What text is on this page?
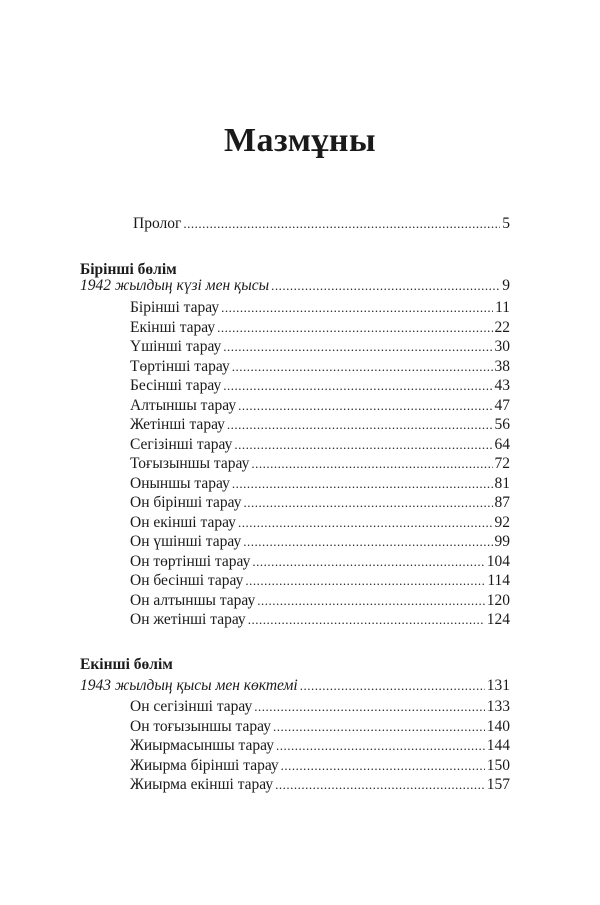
Мазмұны
Пролог .....	5
Бірінші бөлім
1942 жылдың күзі мен қысы .....	9
Бірінші тарау .....	11
Екінші тарау .....	22
Үшінші тарау .....	30
Төртінші тарау .....	38
Бесінші тарау .....	43
Алтыншы тарау .....	47
Жетінші тарау .....	56
Сегізінші тарау .....	64
Тоғызыншы тарау .....	72
Оныншы тарау .....	81
Он бірінші тарау .....	87
Он екінші тарау .....	92
Он үшінші тарау .....	99
Он төртінші тарау .....	104
Он бесінші тарау .....	114
Он алтыншы тарау .....	120
Он жетінші тарау .....	124
Екінші бөлім
1943 жылдың қысы мен көктемі .....	131
Он сегізінші тарау .....	133
Он тоғызыншы тарау .....	140
Жиырмасыншы тарау .....	144
Жиырма бірінші тарау .....	150
Жиырма екінші тарау .....	157
